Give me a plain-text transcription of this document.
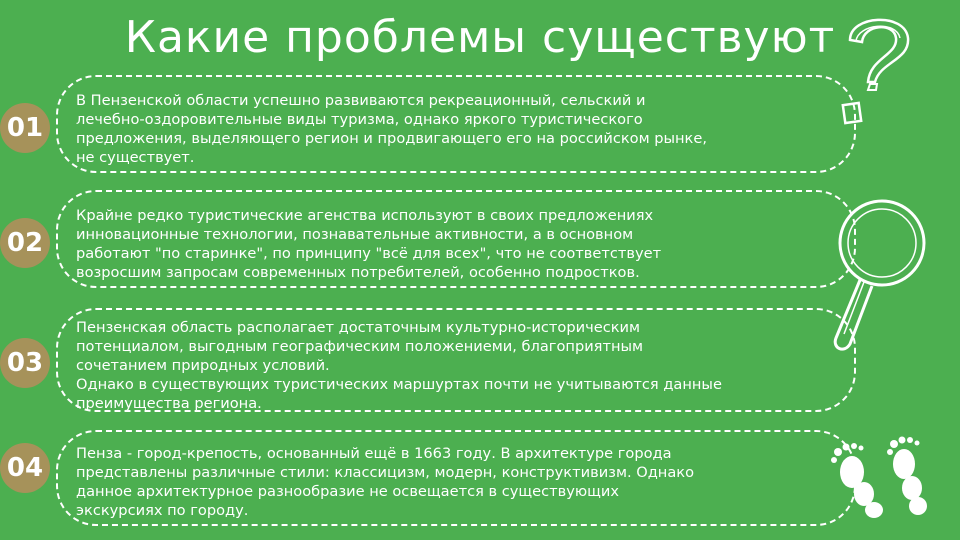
Какие проблемы существуют
В Пензенской области успешно развиваются рекреационный, сельский и
лечебно-оздоровительные виды туризма, однако яркого туристического
предложения, выделяющего регион и продвигающего его на российском рынке,
не существует.
01
Крайне редко туристические агенства используют в своих предложениях
инновационные технологии, познавательные активности, а в основном
работают "по старинке", по принципу "всё для всех", что не соответствует
возросшим запросам современных потребителей, особенно подростков.
02
Пензенская область располагает достаточным культурно-историческим
потенциалом, выгодным географическим положениеми, благоприятным
сочетанием природных условий.
Однако в существующих туристических маршуртах почти не учитываются данные
преимущества региона.
03
Пенза - город-крепость, основанный ещё в 1663 году. В архитектуре города
представлены различные стили: классицизм, модерн, конструктивизм. Однако
данное архитектурное разнообразие не освещается в существующих
экскурсиях по городу.
04
